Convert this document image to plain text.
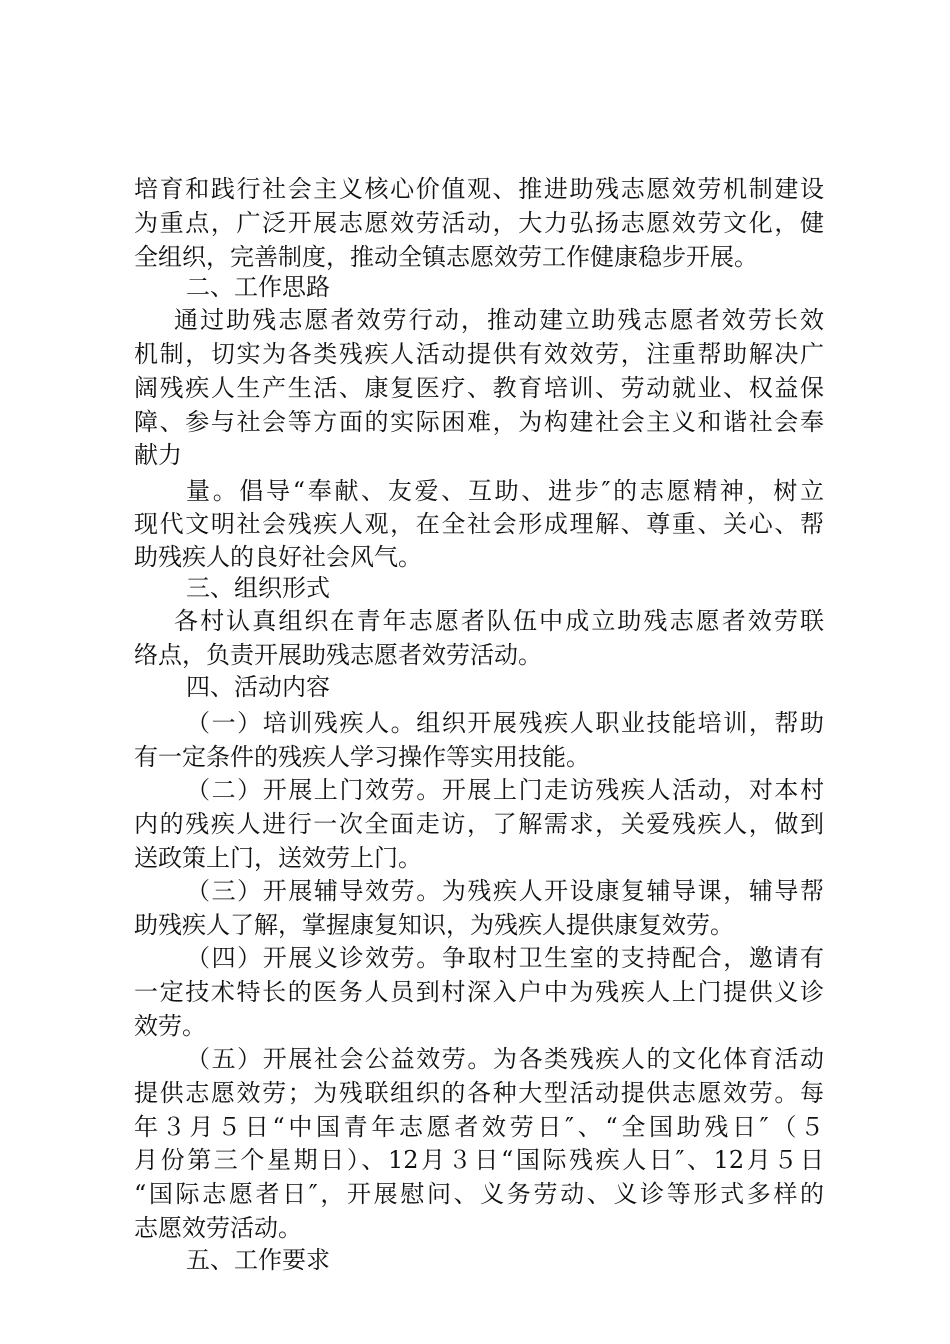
培育和践行社会主义核心价值观、推进助残志愿效劳机制建设
为重点，广泛开展志愿效劳活动，大力弘扬志愿效劳文化，健
全组织，完善制度，推动全镇志愿效劳工作健康稳步开展。
二、工作思路
通过助残志愿者效劳行动，推动建立助残志愿者效劳长效
机制，切实为各类残疾人活动提供有效效劳，注重帮助解决广
阔残疾人生产生活、康复医疗、教育培训、劳动就业、权益保
障、参与社会等方面的实际困难，为构建社会主义和谐社会奉
献力
量。倡导“奉献、友爱、互助、进步″的志愿精神，树立
现代文明社会残疾人观，在全社会形成理解、尊重、关心、帮
助残疾人的良好社会风气。
三、组织形式
各村认真组织在青年志愿者队伍中成立助残志愿者效劳联
络点，负责开展助残志愿者效劳活动。
四、活动内容
（一）培训残疾人。组织开展残疾人职业技能培训，帮助
有一定条件的残疾人学习操作等实用技能。
（二）开展上门效劳。开展上门走访残疾人活动，对本村
内的残疾人进行一次全面走访，了解需求，关爱残疾人，做到
送政策上门，送效劳上门。
（三）开展辅导效劳。为残疾人开设康复辅导课，辅导帮
助残疾人了解，掌握康复知识，为残疾人提供康复效劳。
（四）开展义诊效劳。争取村卫生室的支持配合，邀请有
一定技术特长的医务人员到村深入户中为残疾人上门提供义诊
效劳。
（五）开展社会公益效劳。为各类残疾人的文化体育活动
提供志愿效劳；为残联组织的各种大型活动提供志愿效劳。每
年３月５日“中国青年志愿者效劳日″、“全国助残日″（５
月份第三个星期日）、12月３日“国际残疾人日″、12月５日
“国际志愿者日″，开展慰问、义务劳动、义诊等形式多样的
志愿效劳活动。
五、工作要求
